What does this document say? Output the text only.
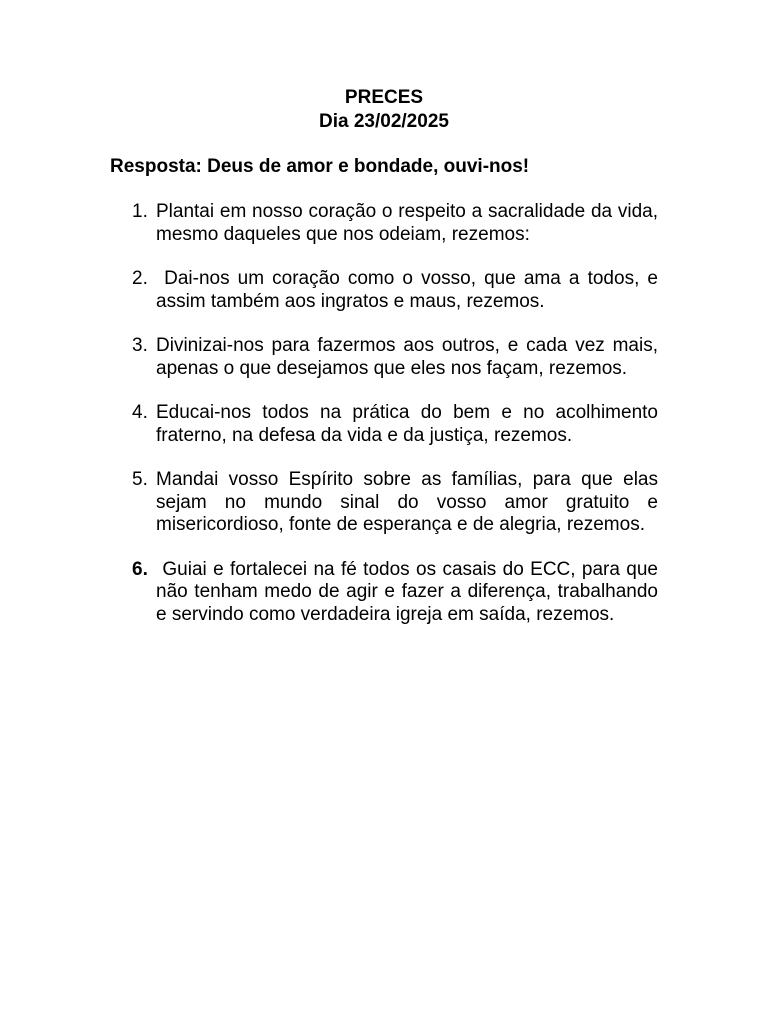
PRECES
Dia 23/02/2025
Resposta: Deus de amor e bondade, ouvi-nos!
1. Plantai em nosso coração o respeito a sacralidade da vida, mesmo daqueles que nos odeiam, rezemos:
2. Dai-nos um coração como o vosso, que ama a todos, e assim também aos ingratos e maus, rezemos.
3. Divinizai-nos para fazermos aos outros, e cada vez mais, apenas o que desejamos que eles nos façam, rezemos.
4. Educai-nos todos na prática do bem e no acolhimento fraterno, na defesa da vida e da justiça, rezemos.
5. Mandai vosso Espírito sobre as famílias, para que elas sejam no mundo sinal do vosso amor gratuito e misericordioso, fonte de esperança e de alegria, rezemos.
6. Guiai e fortalecei na fé todos os casais do ECC, para que não tenham medo de agir e fazer a diferença, trabalhando e servindo como verdadeira igreja em saída, rezemos.
